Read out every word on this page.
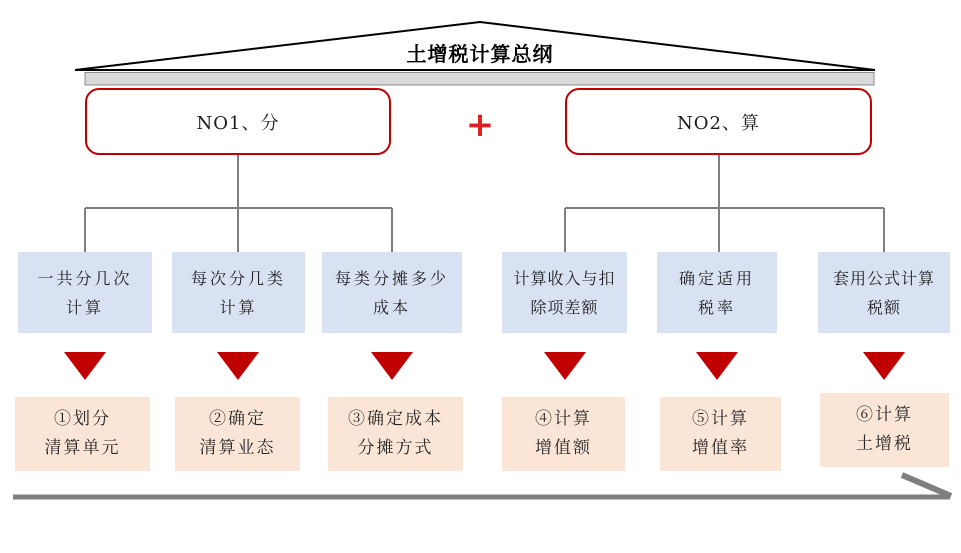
土增税计算总纲
NO1、分	+	NO2、算
一共分几次
计算
每次分几类
计算
每类分摊多少
成本
计算收入与扣
除项差额
确定适用
税率
套用公式计算
税额
①划分
清算单元
②确定
清算业态
③确定成本
分摊方式
④计算
增值额
⑤计算
增值率
⑥计算
土增税
